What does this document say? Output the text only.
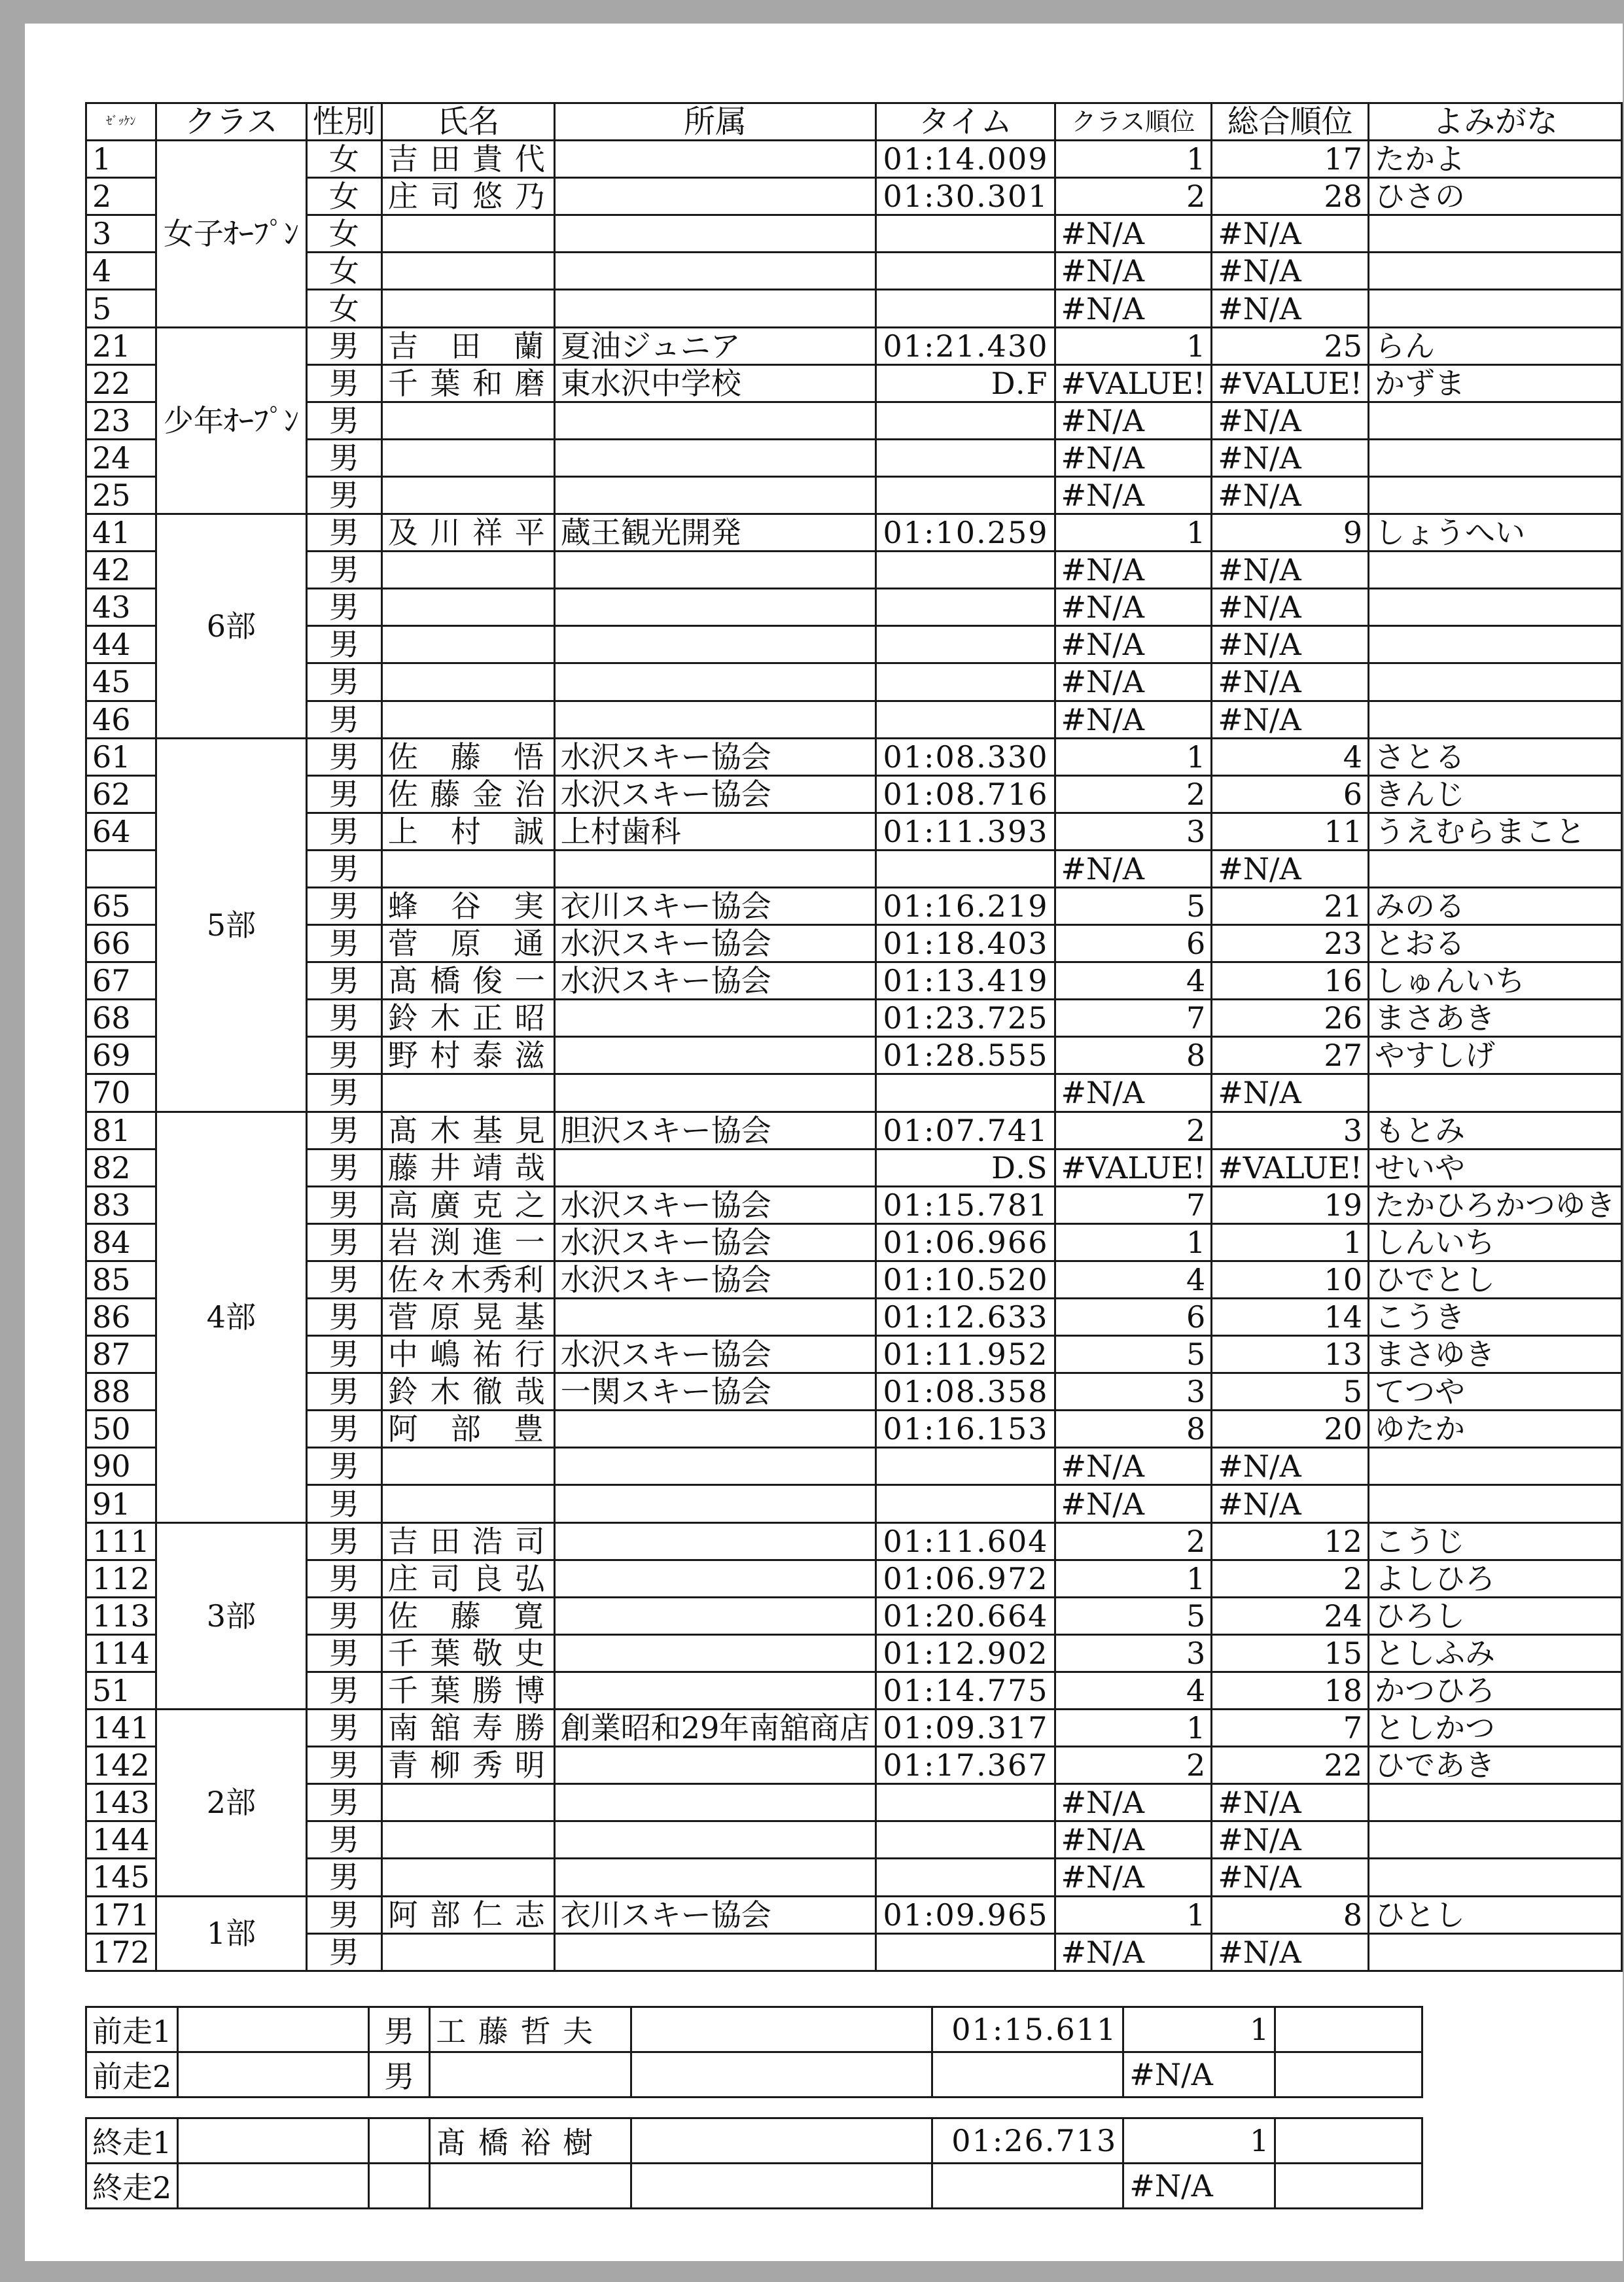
ｾﾞｯｹﾝ	クラス	性別	氏名	所属	タイム	クラス順位	総合順位	よみがな
1	女子ｵｰﾌﾟﾝ	女	吉 田 貴 代		01:14.009	1	17	たかよ
2		女	庄 司 悠 乃		01:30.301	2	28	ひさの
3		女				#N/A	#N/A	
4		女				#N/A	#N/A	
5		女				#N/A	#N/A	
21	少年ｵｰﾌﾟﾝ	男	吉　田　蘭	夏油ジュニア	01:21.430	1	25	らん
22		男	千 葉 和 磨	東水沢中学校	D.F	#VALUE!	#VALUE!	かずま
23		男				#N/A	#N/A	
24		男				#N/A	#N/A	
25		男				#N/A	#N/A	
41	6部	男	及 川 祥 平	蔵王観光開発	01:10.259	1	9	しょうへい
42		男				#N/A	#N/A	
43		男				#N/A	#N/A	
44		男				#N/A	#N/A	
45		男				#N/A	#N/A	
46		男				#N/A	#N/A	
61	5部	男	佐　藤　悟	水沢スキー協会	01:08.330	1	4	さとる
62		男	佐 藤 金 治	水沢スキー協会	01:08.716	2	6	きんじ
64		男	上　村　誠	上村歯科	01:11.393	3	11	うえむらまこと
		男				#N/A	#N/A	
65		男	蜂　谷　実	衣川スキー協会	01:16.219	5	21	みのる
66		男	菅　原　通	水沢スキー協会	01:18.403	6	23	とおる
67		男	髙 橋 俊 一	水沢スキー協会	01:13.419	4	16	しゅんいち
68		男	鈴 木 正 昭		01:23.725	7	26	まさあき
69		男	野 村 泰 滋		01:28.555	8	27	やすしげ
70		男				#N/A	#N/A	
81	4部	男	髙 木 基 見	胆沢スキー協会	01:07.741	2	3	もとみ
82		男	藤 井 靖 哉		D.S	#VALUE!	#VALUE!	せいや
83		男	高 廣 克 之	水沢スキー協会	01:15.781	7	19	たかひろかつゆき
84		男	岩 渕 進 一	水沢スキー協会	01:06.966	1	1	しんいち
85		男	佐々木秀利	水沢スキー協会	01:10.520	4	10	ひでとし
86		男	菅 原 晃 基		01:12.633	6	14	こうき
87		男	中 嶋 祐 行	水沢スキー協会	01:11.952	5	13	まさゆき
88		男	鈴 木 徹 哉	一関スキー協会	01:08.358	3	5	てつや
50		男	阿　部　豊		01:16.153	8	20	ゆたか
90		男				#N/A	#N/A	
91		男				#N/A	#N/A	
111	3部	男	吉 田 浩 司		01:11.604	2	12	こうじ
112		男	庄 司 良 弘		01:06.972	1	2	よしひろ
113		男	佐　藤　寛		01:20.664	5	24	ひろし
114		男	千 葉 敬 史		01:12.902	3	15	としふみ
51		男	千 葉 勝 博		01:14.775	4	18	かつひろ
141	2部	男	南 舘 寿 勝	創業昭和29年南舘商店	01:09.317	1	7	としかつ
142		男	青 柳 秀 明		01:17.367	2	22	ひであき
143		男				#N/A	#N/A	
144		男				#N/A	#N/A	
145		男				#N/A	#N/A	
171	1部	男	阿 部 仁 志	衣川スキー協会	01:09.965	1	8	ひとし
172		男				#N/A	#N/A	
前走1		男	工 藤 哲 夫		01:15.611	1	
前走2		男				#N/A	
終走1			髙 橋 裕 樹		01:26.713	1	
終走2						#N/A	
